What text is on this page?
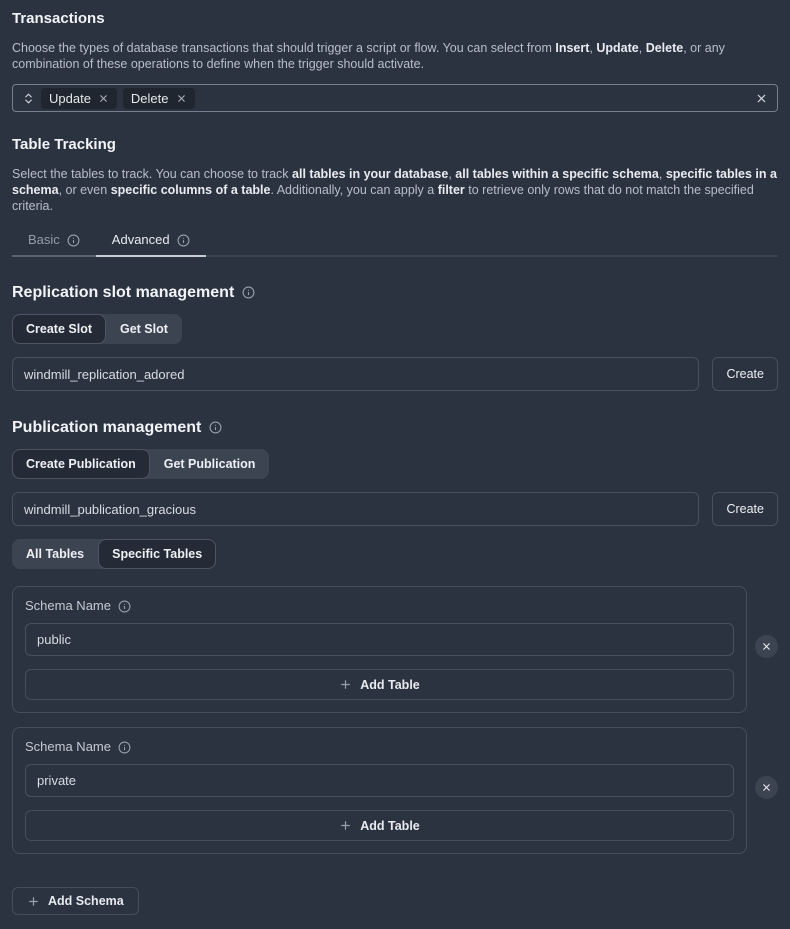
Transactions

Choose the types of database transactions that should trigger a script or flow. You can select from Insert, Update, Delete, or any combination of these operations to define when the trigger should activate.

Update	Delete
Table Tracking

Select the tables to track. You can choose to track all tables in your database, all tables within a specific schema, specific tables in a schema, or even specific columns of a table. Additionally, you can apply a filter to retrieve only rows that do not match the specified criteria.

Basic	Advanced
Replication slot management
Create Slot	Get Slot
windmill_replication_adored
Create
Publication management
Create Publication	Get Publication
windmill_publication_gracious
Create
All Tables	Specific Tables
Schema Name
public
Add Table
Schema Name
private
Add Table
Add Schema
